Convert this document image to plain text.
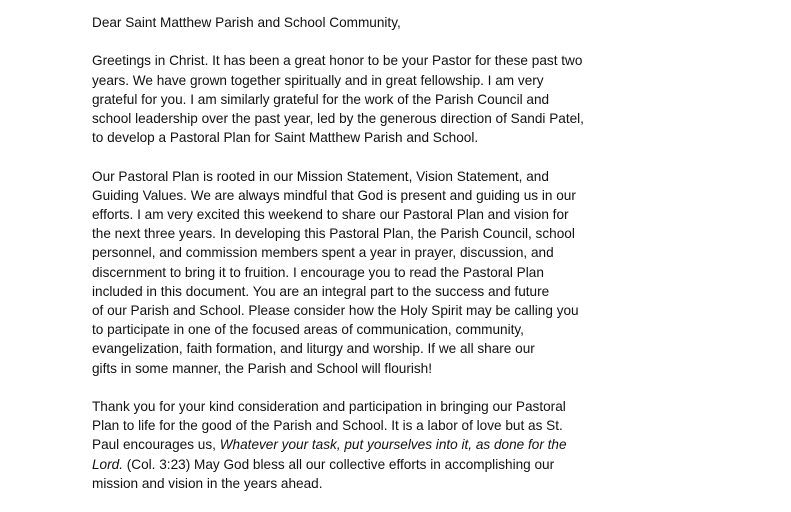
Dear Saint Matthew Parish and School Community,

Greetings in Christ. It has been a great honor to be your Pastor for these past two
years. We have grown together spiritually and in great fellowship. I am very
grateful for you. I am similarly grateful for the work of the Parish Council and
school leadership over the past year, led by the generous direction of Sandi Patel,
to develop a Pastoral Plan for Saint Matthew Parish and School.

Our Pastoral Plan is rooted in our Mission Statement, Vision Statement, and
Guiding Values. We are always mindful that God is present and guiding us in our
efforts. I am very excited this weekend to share our Pastoral Plan and vision for
the next three years. In developing this Pastoral Plan, the Parish Council, school
personnel, and commission members spent a year in prayer, discussion, and
discernment to bring it to fruition. I encourage you to read the Pastoral Plan
included in this document. You are an integral part to the success and future
of our Parish and School. Please consider how the Holy Spirit may be calling you
to participate in one of the focused areas of communication, community,
evangelization, faith formation, and liturgy and worship. If we all share our
gifts in some manner, the Parish and School will flourish!

Thank you for your kind consideration and participation in bringing our Pastoral
Plan to life for the good of the Parish and School. It is a labor of love but as St.
Paul encourages us, Whatever your task, put yourselves into it, as done for the
Lord. (Col. 3:23) May God bless all our collective efforts in accomplishing our
mission and vision in the years ahead.
